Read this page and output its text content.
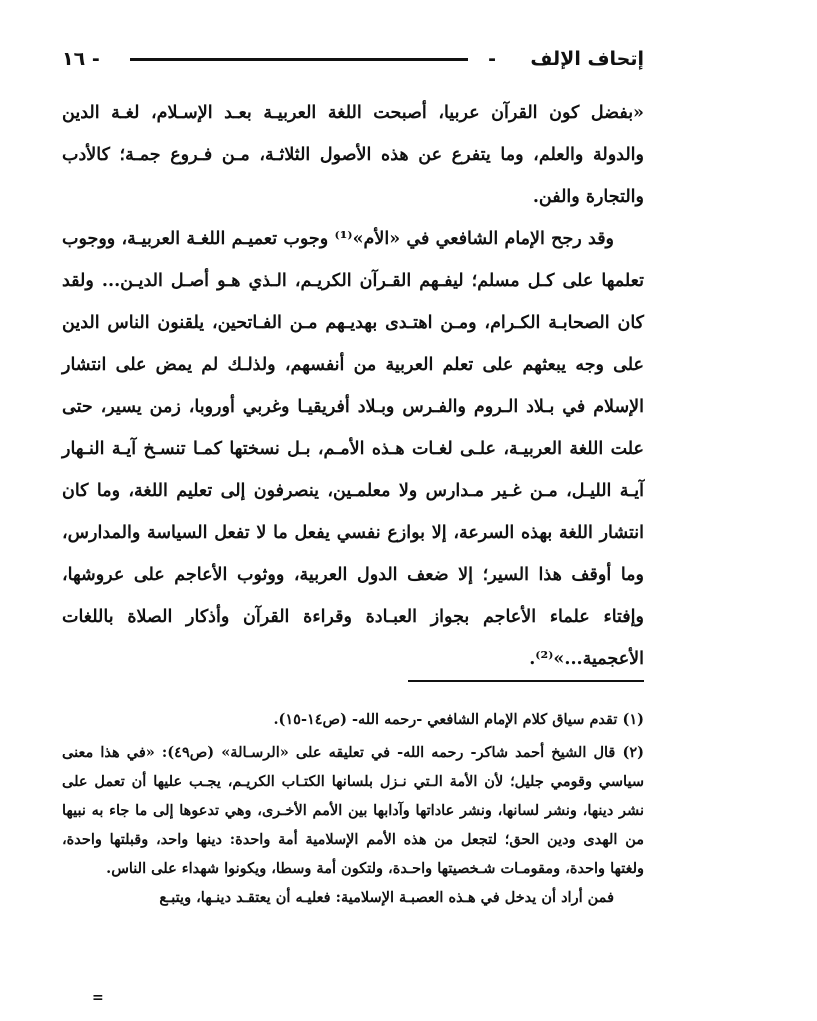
إتحاف الإلف
-
- ١٦

«بفضل كون القرآن عربيا، أصبحت اللغة العربيـة بعـد الإسـلام، لغـة الدين والدولة والعلم، وما يتفرع عن هذه الأصول الثلاثـة، مـن فـروع جمـة؛ كالأدب والتجارة والفن.

وقد رجح الإمام الشافعي في «الأم»⁽¹⁾ وجوب تعميـم اللغـة العربيـة، ووجوب تعلمها على كـل مسلم؛ ليفـهم القـرآن الكريـم، الـذي هـو أصـل الديـن... ولقد كان الصحابـة الكـرام، ومـن اهتـدى بهديـهم مـن الفـاتحين، يلقنون الناس الدين على وجه يبعثهم على تعلم العربية من أنفسهم، ولذلـك لم يمض على انتشار الإسلام في بـلاد الـروم والفـرس وبـلاد أفريقيـا وغربي أوروبا، زمن يسير، حتى علت اللغة العربيـة، علـى لغـات هـذه الأمـم، بـل نسختها كمـا تنسـخ آيـة النـهار آيـة الليـل، مـن غـير مـدارس ولا معلمـين، ينصرفون إلى تعليم اللغة، وما كان انتشار اللغة بهذه السرعة، إلا بوازع نفسي يفعل ما لا تفعل السياسة والمدارس، وما أوقف هذا السير؛ إلا ضعف الدول العربية، ووثوب الأعاجم على عروشها، وإفتاء علماء الأعاجم بجواز العبـادة وقراءة القرآن وأذكار الصلاة باللغات الأعجمية...»⁽²⁾.

(١) تقدم سياق كلام الإمام الشافعي -رحمه الله- (ص١٤-١٥).

(٢) قال الشيخ أحمد شاكر- رحمه الله- في تعليقه على «الرسـالة» (ص٤٩): «في هذا معنى سياسي وقومي جليل؛ لأن الأمة الـتي نـزل بلسانها الكتـاب الكريـم، يجـب عليها أن تعمل على نشر دينها، ونشر لسانها، ونشر عاداتها وآدابها بين الأمم الأخـرى، وهي تدعوها إلى ما جاء به نبيها من الهدى ودين الحق؛ لتجعل من هذه الأمم الإسلامية أمة واحدة: دينها واحد، وقبلتها واحدة، ولغتها واحدة، ومقومـات شـخصيتها واحـدة، ولتكون أمة وسطا، ويكونوا شهداء على الناس.

فمن أراد أن يدخل في هـذه العصبـة الإسلامية: فعليـه أن يعتقـد دينـها، ويتبـع

=
